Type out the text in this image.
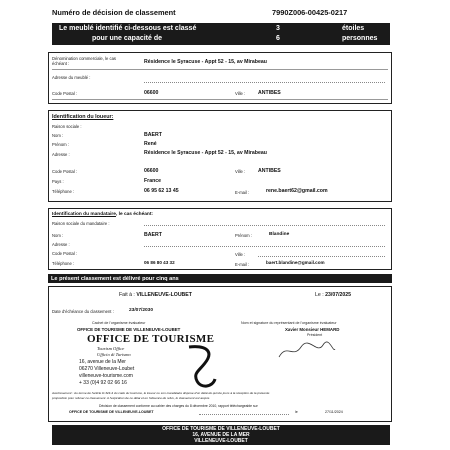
Numéro de décision de classement	7990Z006-00425-0217
Le meublé identifié ci-dessous est classé	3	étoiles
pour une capacité de	6	personnes
Dénomination commerciale, le cas échéant :	Résidence le Syracuse - Appt 52 - 15, av Mirabeau
Adresse du meublé :
Code Postal :	06600	Ville : ANTIBES
Identification du loueur:
Raison sociale :
Nom :	BAERT
Prénom :	René
Adresse :	Résidence le Syracuse - Appt 52 - 15, av Mirabeau
Code Postal :	06600	Ville : ANTIBES
Pays :	France
Téléphone :	06 95 62 13 45	E-mail :	rene.baert62@gmail.com
Identification du mandataire, le cas échéant:
Raison sociale du mandataire :
Nom :	BAERT	Prénom :	Blandine
Adresse :
Code Postal :	Ville :
Téléphone :	06 86 80 43 32	E-mail :	baert.blandine@gmail.com
Le présent classement est délivré pour cinq ans
Fait à : VILLENEUVE-LOUBET	Le : 23/07/2025
Date d'échéance du classement :	23/07/2030
Cachet de l'organisme évaluateur
OFFICE DE TOURISME DE VILLENEUVE-LOUBET
Nom et signature du représentant de l'organisme évaluateur
Xavier Monsieur HEMARD
Président
OFFICE DE TOURISME
Tourism Office
Ufficio di Turismo
16, avenue de la Mer
06270 Villeneuve-Loubet
villeneuve-tourisme.com
+ 33 (0)4 92 02 66 16
Avertissement : Au terme de l'article D.324-4 du code du tourisme, le loueur ou son mandataire dispose d'un délai de quinze jours à la réception de la présente
proposition pour refuser ce classement. A l'expiration de ce délai et en l'absence de refus, le classement est acquis.
Décision de classement conforme au cahier des charges du 8 décembre 2010, rapport téléchargeable sur
OFFICE DE TOURISME DE VILLENEUVE-LOUBET	le	27/11/2024
OFFICE DE TOURISME DE VILLENEUVE-LOUBET
16, AVENUE DE LA MER
VILLENEUVE-LOUBET
